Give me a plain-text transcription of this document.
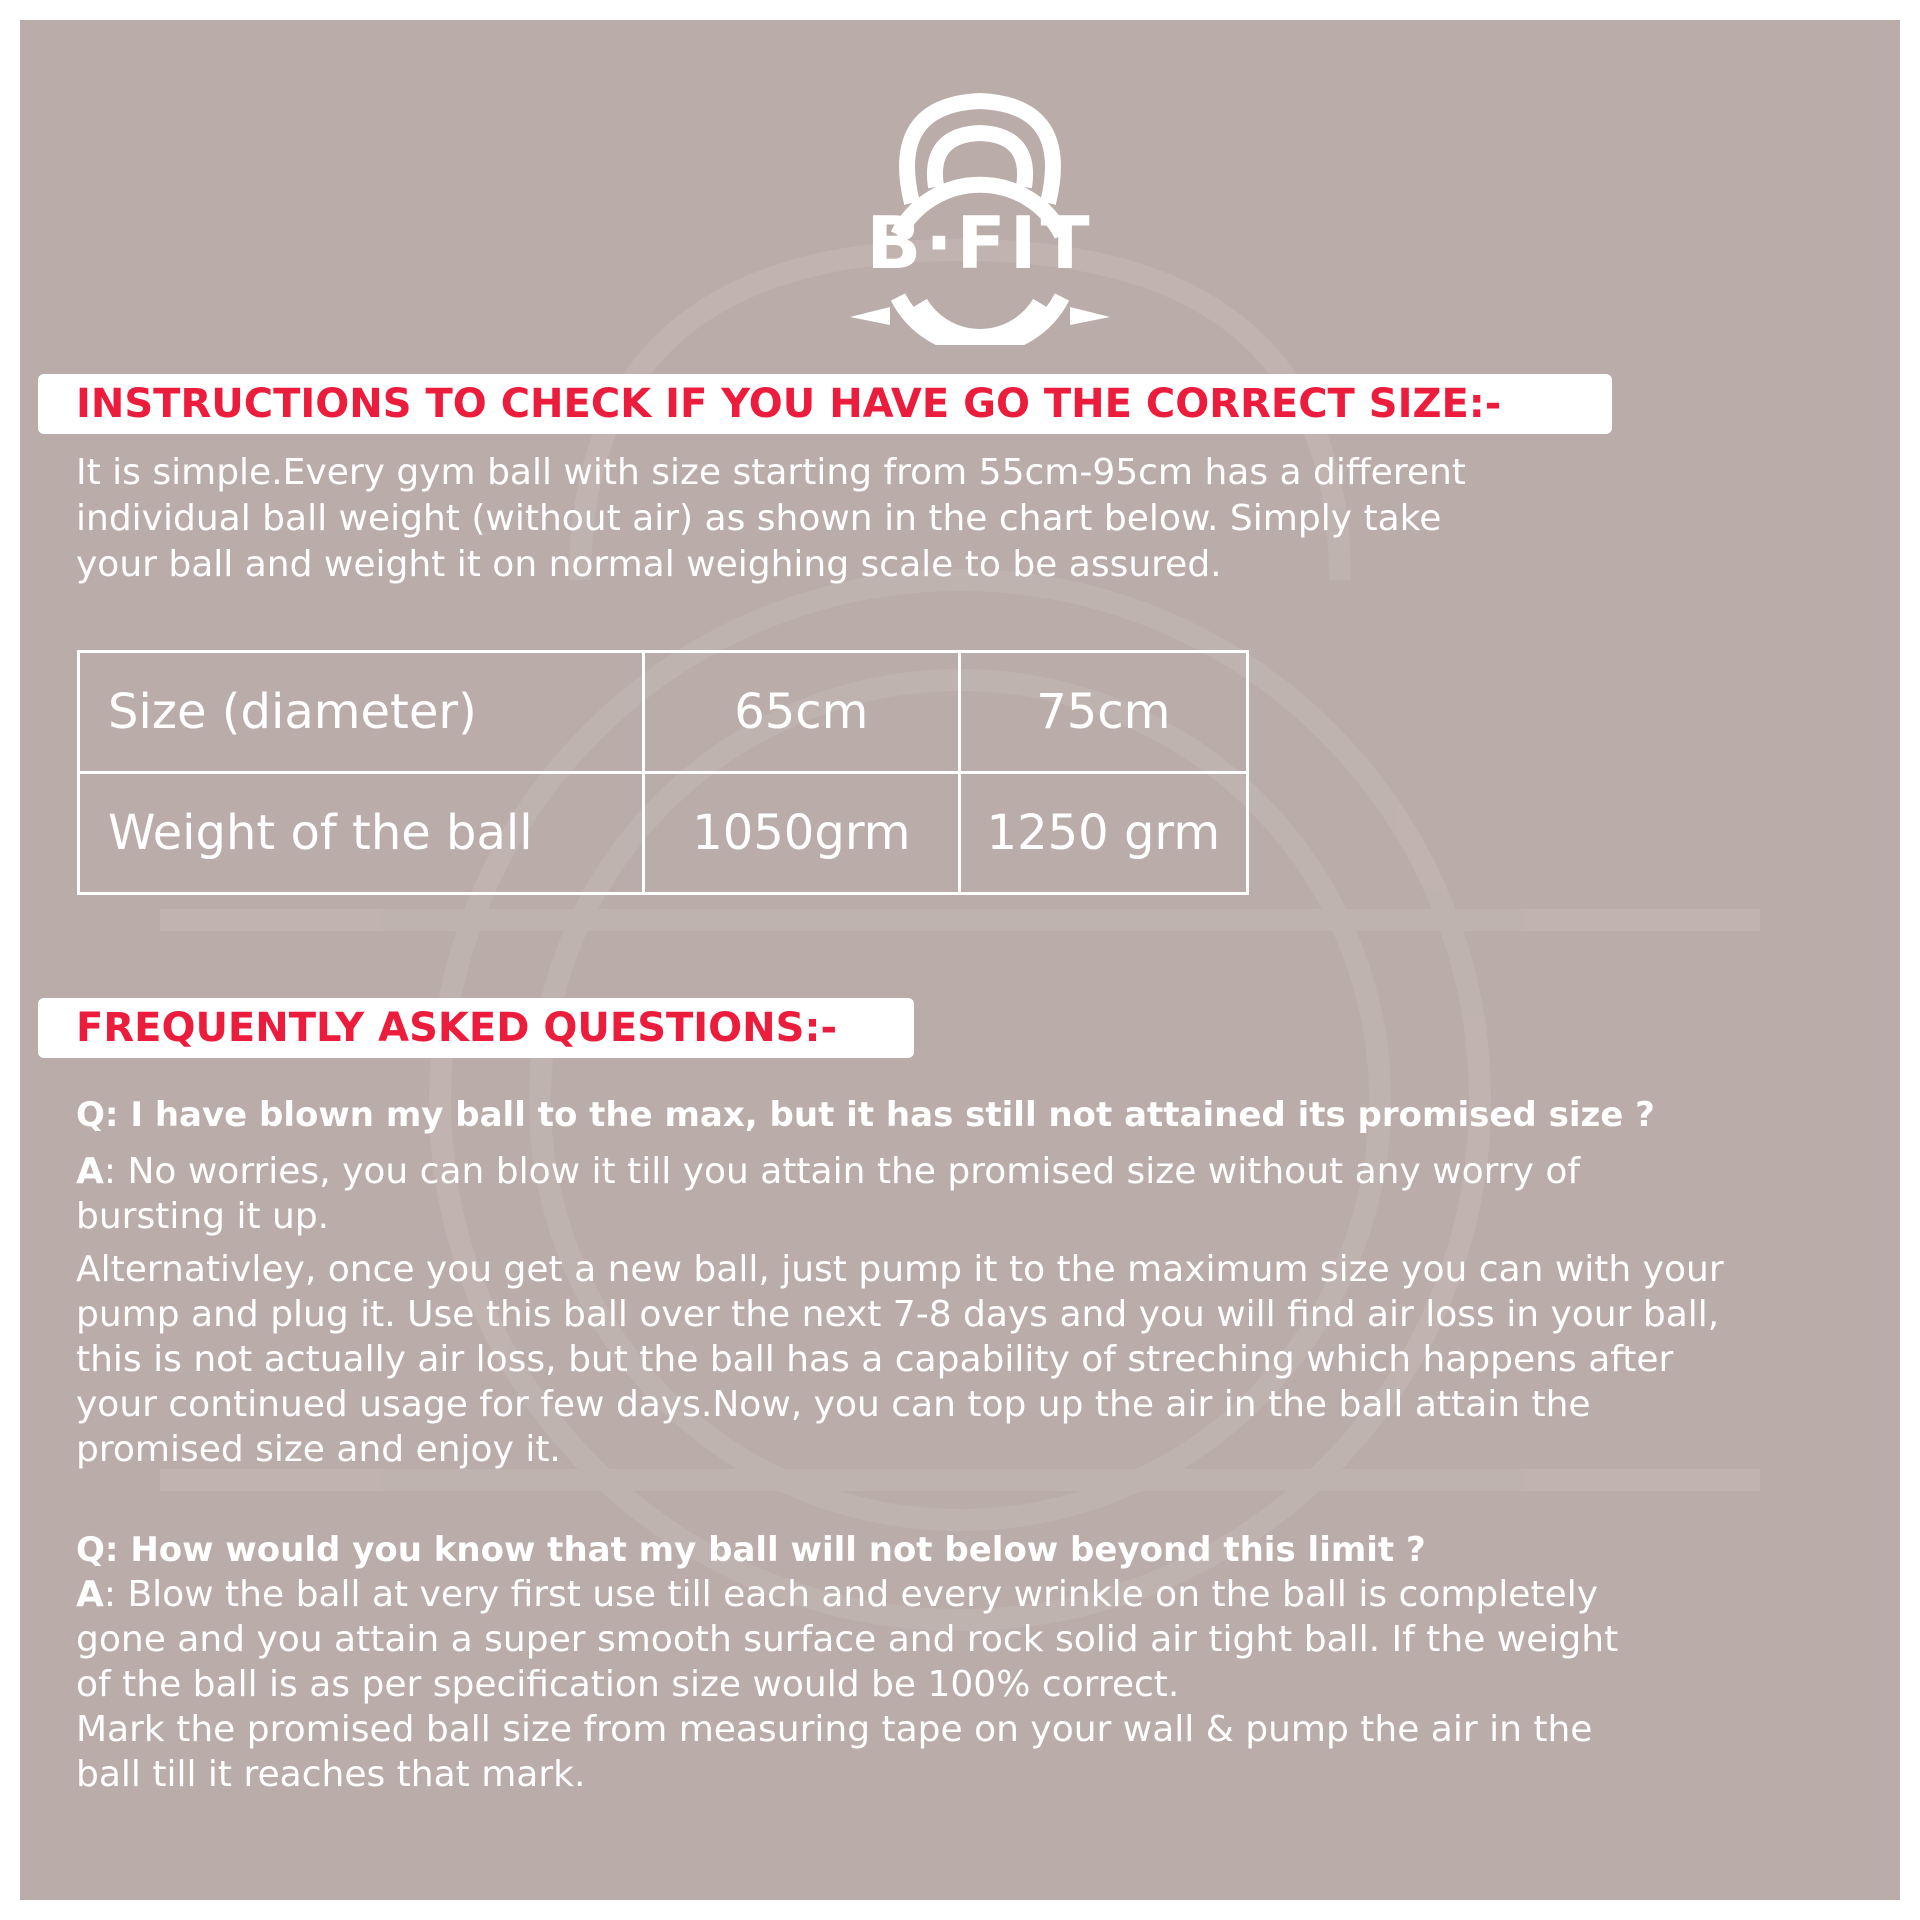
B·FIT
INSTRUCTIONS TO CHECK IF YOU HAVE GO THE CORRECT SIZE:-
It is simple.Every gym ball with size starting from 55cm-95cm has a different
individual ball weight (without air) as shown in the chart below. Simply take
your ball and weight it on normal weighing scale to be assured.
Size (diameter)	65cm	75cm
Weight of the ball	1050grm	1250 grm
FREQUENTLY ASKED QUESTIONS:-
Q: I have blown my ball to the max, but it has still not attained its promised size ?
A: No worries, you can blow it till you attain the promised size without any worry of
bursting it up.
Alternativley, once you get a new ball, just pump it to the maximum size you can with your
pump and plug it. Use this ball over the next 7-8 days and you will find air loss in your ball,
this is not actually air loss, but the ball has a capability of streching which happens after
your continued usage for few days.Now, you can top up the air in the ball attain the
promised size and enjoy it.
Q: How would you know that my ball will not below beyond this limit ?
A: Blow the ball at very first use till each and every wrinkle on the ball is completely
gone and you attain a super smooth surface and rock solid air tight ball. If the weight
of the ball is as per specification size would be 100% correct.
Mark the promised ball size from measuring tape on your wall & pump the air in the
ball till it reaches that mark.
